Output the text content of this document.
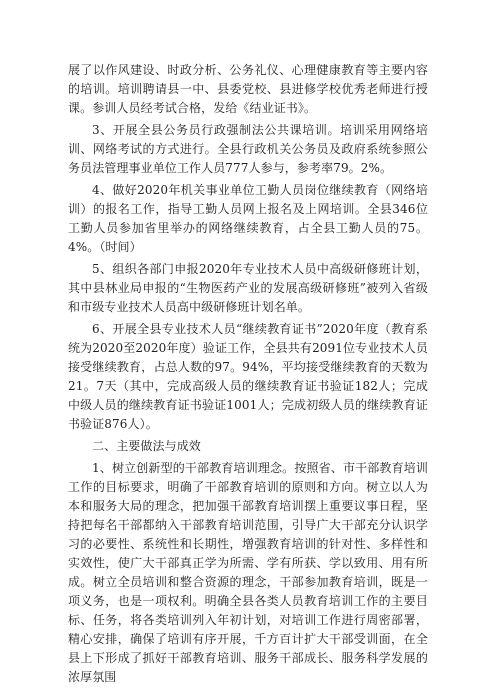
展了以作风建设、时政分析、公务礼仪、心理健康教育等主要内容的培训。培训聘请县一中、县委党校、县进修学校优秀老师进行授课。参训人员经考试合格，发给《结业证书》。

3、开展全县公务员行政强制法公共课培训。培训采用网络培训、网络考试的方式进行。全县行政机关公务员及政府系统参照公务员法管理事业单位工作人员777人参与，参考率79。2%。

4、做好2020年机关事业单位工勤人员岗位继续教育（网络培训）的报名工作，指导工勤人员网上报名及上网培训。全县346位工勤人员参加省里举办的网络继续教育，占全县工勤人员的75。4%。（时间）

5、组织各部门申报2020年专业技术人员中高级研修班计划，其中县林业局申报的“生物医药产业的发展高级研修班”被列入省级和市级专业技术人员高中级研修班计划名单。

6、开展全县专业技术人员“继续教育证书”2020年度（教育系统为2020至2020年度）验证工作，全县共有2091位专业技术人员接受继续教育，占总人数的97。94%，平均接受继续教育的天数为21。7天（其中，完成高级人员的继续教育证书验证182人；完成中级人员的继续教育证书验证1001人；完成初级人员的继续教育证书验证876人）。

二、主要做法与成效

1、树立创新型的干部教育培训理念。按照省、市干部教育培训工作的目标要求，明确了干部教育培训的原则和方向。树立以人为本和服务大局的理念，把加强干部教育培训摆上重要议事日程，坚持把每名干部都纳入干部教育培训范围，引导广大干部充分认识学习的必要性、系统性和长期性，增强教育培训的针对性、多样性和实效性，使广大干部真正学为所需、学有所获、学以致用、用有所成。树立全员培训和整合资源的理念，干部参加教育培训，既是一项义务，也是一项权利。明确全县各类人员教育培训工作的主要目标、任务，将各类培训列入年初计划，对培训工作进行周密部署，精心安排，确保了培训有序开展，千方百计扩大干部受训面，在全县上下形成了抓好干部教育培训、服务干部成长、服务科学发展的浓厚氛围
